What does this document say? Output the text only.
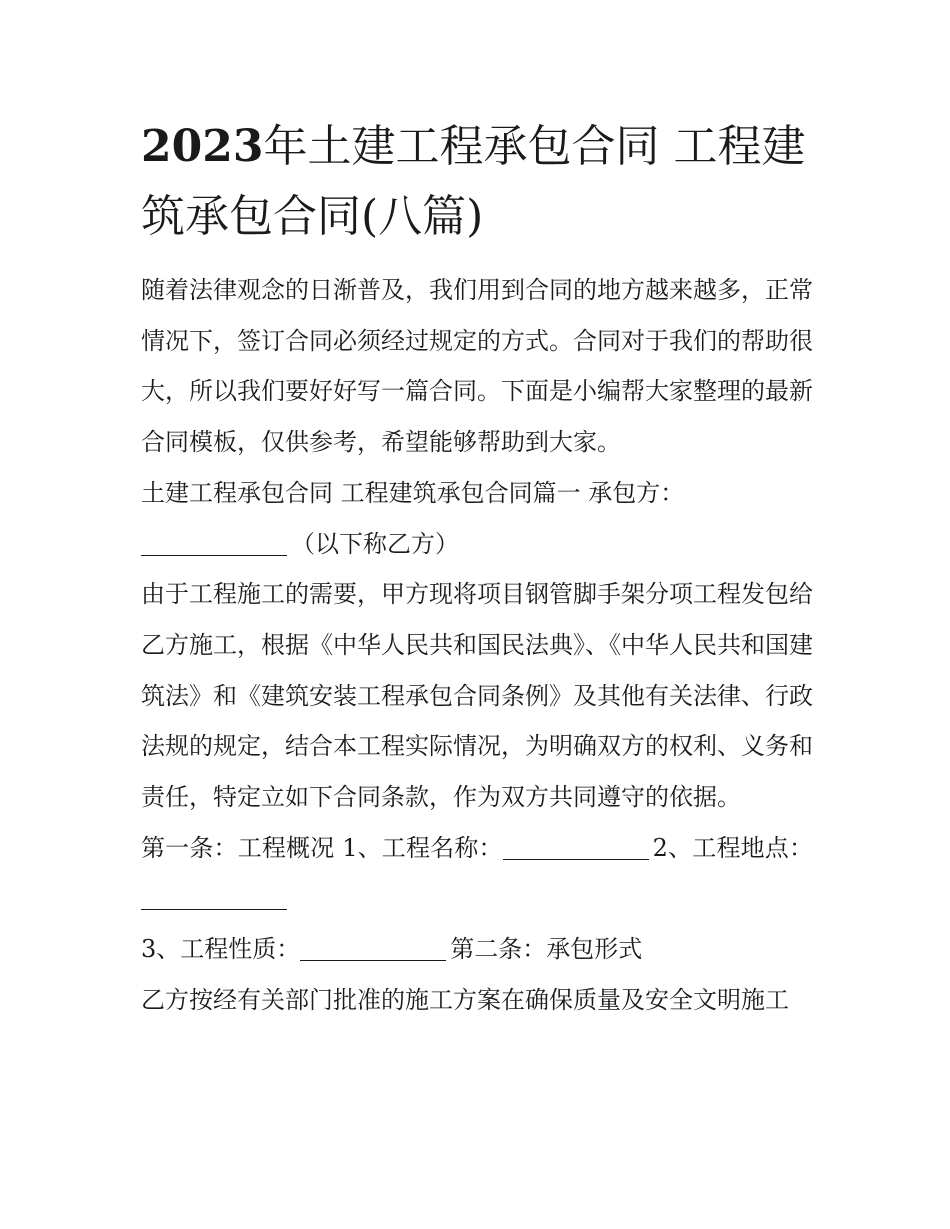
2023年土建工程承包合同 工程建筑承包合同(八篇)

随着法律观念的日渐普及，我们用到合同的地方越来越多，正常情况下，签订合同必须经过规定的方式。合同对于我们的帮助很大，所以我们要好好写一篇合同。下面是小编帮大家整理的最新合同模板，仅供参考，希望能够帮助到大家。

土建工程承包合同 工程建筑承包合同篇一 承包方：

（以下称乙方）

由于工程施工的需要，甲方现将项目钢管脚手架分项工程发包给乙方施工，根据《中华人民共和国民法典》、《中华人民共和国建筑法》和《建筑安装工程承包合同条例》及其他有关法律、行政法规的规定，结合本工程实际情况，为明确双方的权利、义务和责任，特定立如下合同条款，作为双方共同遵守的依据。

第一条：工程概况 1、工程名称：	2、工程地点：

3、工程性质：	第二条：承包形式

乙方按经有关部门批准的施工方案在确保质量及安全文明施工
